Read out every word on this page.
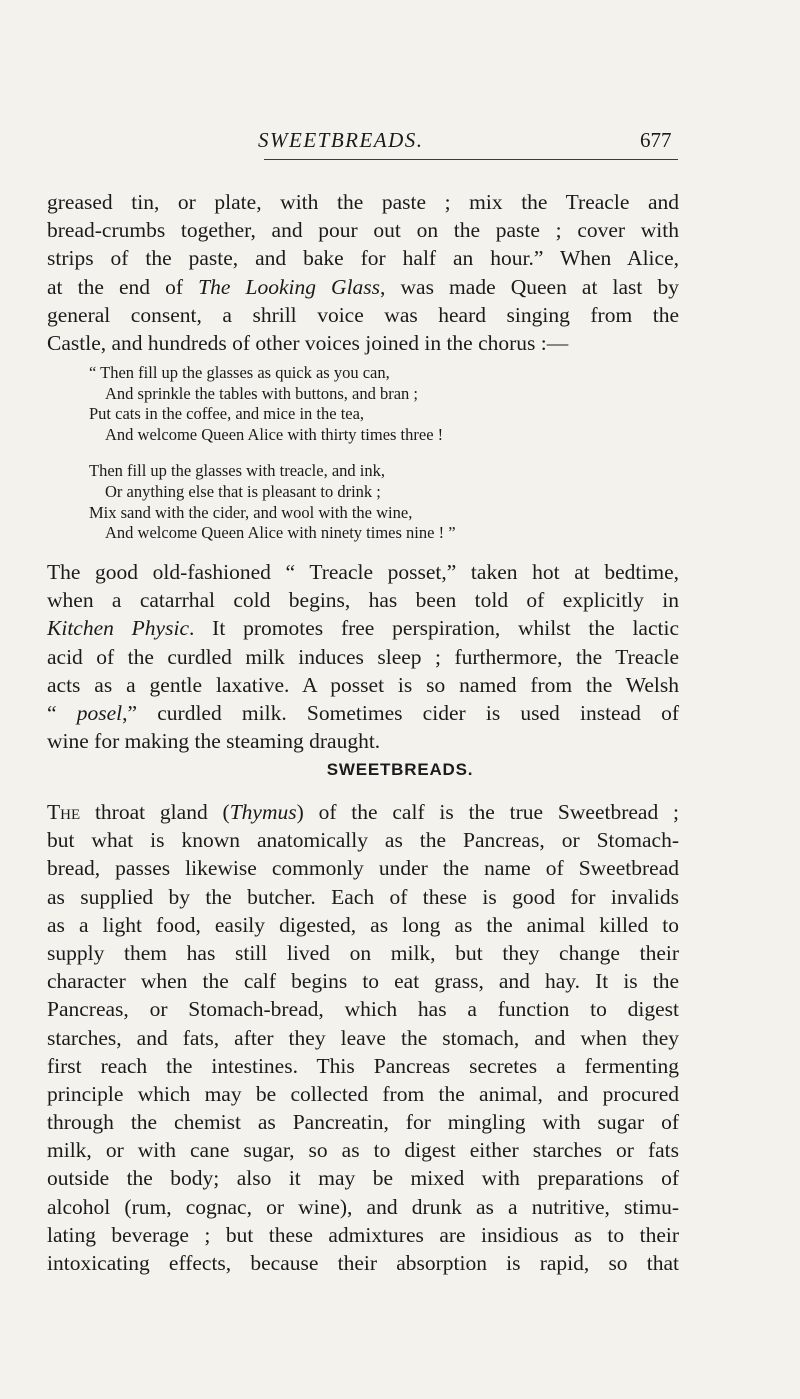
SWEETBREADS.	677
greased tin, or plate, with the paste ; mix the Treacle and
bread-crumbs together, and pour out on the paste ; cover with
strips of the paste, and bake for half an hour.” When Alice,
at the end of The Looking Glass, was made Queen at last by
general consent, a shrill voice was heard singing from the
Castle, and hundreds of other voices joined in the chorus :—
“ Then fill up the glasses as quick as you can,
And sprinkle the tables with buttons, and bran ;
Put cats in the coffee, and mice in the tea,
And welcome Queen Alice with thirty times three !
Then fill up the glasses with treacle, and ink,
Or anything else that is pleasant to drink ;
Mix sand with the cider, and wool with the wine,
And welcome Queen Alice with ninety times nine ! ”
The good old-fashioned “ Treacle posset,” taken hot at bedtime,
when a catarrhal cold begins, has been told of explicitly in
Kitchen Physic. It promotes free perspiration, whilst the lactic
acid of the curdled milk induces sleep ; furthermore, the Treacle
acts as a gentle laxative. A posset is so named from the Welsh
“ posel,” curdled milk. Sometimes cider is used instead of
wine for making the steaming draught.
SWEETBREADS.
The throat gland (Thymus) of the calf is the true Sweetbread ;
but what is known anatomically as the Pancreas, or Stomach-
bread, passes likewise commonly under the name of Sweetbread
as supplied by the butcher. Each of these is good for invalids
as a light food, easily digested, as long as the animal killed to
supply them has still lived on milk, but they change their
character when the calf begins to eat grass, and hay. It is the
Pancreas, or Stomach-bread, which has a function to digest
starches, and fats, after they leave the stomach, and when they
first reach the intestines. This Pancreas secretes a fermenting
principle which may be collected from the animal, and procured
through the chemist as Pancreatin, for mingling with sugar of
milk, or with cane sugar, so as to digest either starches or fats
outside the body; also it may be mixed with preparations of
alcohol (rum, cognac, or wine), and drunk as a nutritive, stimu-
lating beverage ; but these admixtures are insidious as to their
intoxicating effects, because their absorption is rapid, so that
